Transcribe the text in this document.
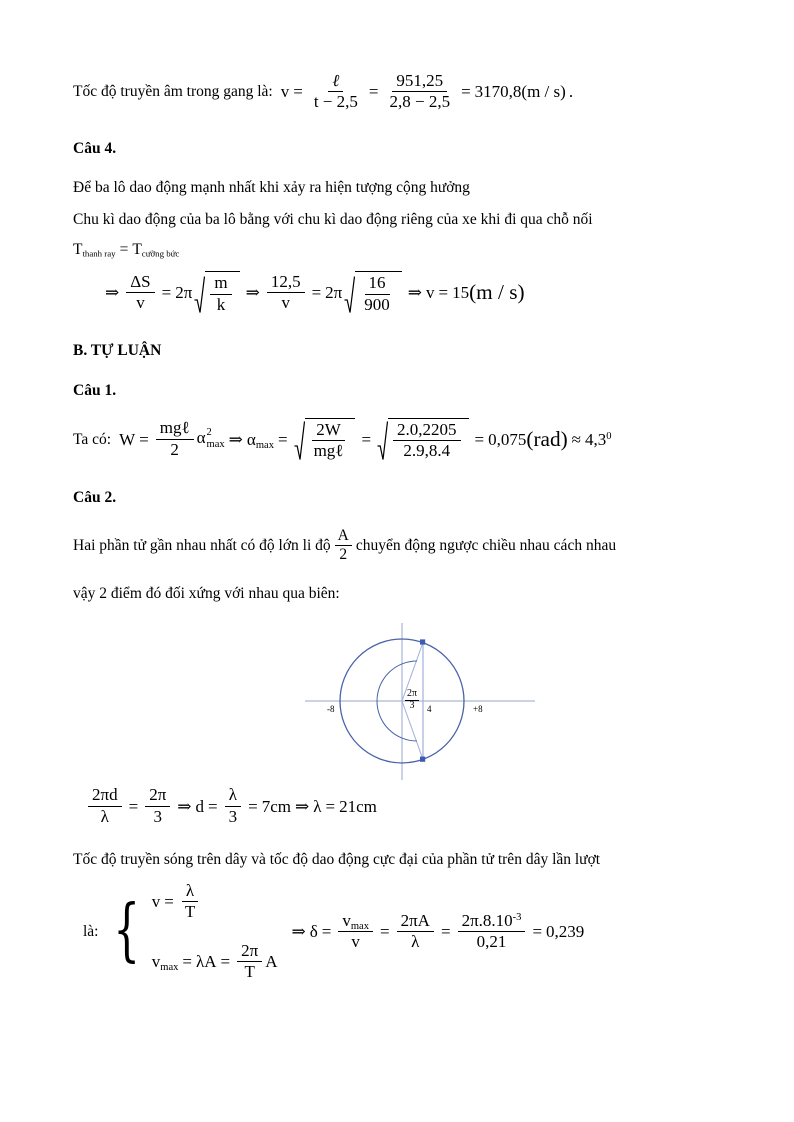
Tốc độ truyền âm trong gang là: $v = \frac{\text{ℓ}}{t - 2,5} = \frac{951,25}{2,8 - 2,5} = 3170,8(m / s)$ .
Câu 4.
Để ba lô dao động mạnh nhất khi xảy ra hiện tượng cộng hưởng
Chu kì dao động của ba lô bằng với chu kì dao động riêng của xe khi đi qua chỗ nối
Tthanh ray = Tcưỡng bức
⇒ $\frac{\Delta S}{v} = 2\pi \frac{m}{k}$ ⇒ $\frac{12,5}{v} = 2\pi \frac{16}{900}$ ⇒ v = 15 (m / s)
B. TỰ LUẬN
Câu 1.
Ta có: $W = \frac{\text{mgℓ}}{2}$ α 2
max ⇒ $\alpha_{max} = \frac{2W}{\text{mgℓ}} = \frac{2.0,2205}{2.9,8.4} = 0,075$ $(rad) \approx 4,3^0$
Câu 2.
Hai phần tử gần nhau nhất có độ lớn li độ $\frac{A}{2}$ chuyển động ngược chiều nhau cách nhau
vậy 2 điểm đó đối xứng với nhau qua biên:
-8	+8
4
$\frac{2\pi}{3}$
$\frac{2\pi d}{\lambda} = \frac{2\pi}{3}$ ⇒ $d = \frac{\lambda}{3} = 7cm$ ⇒ λ = 21cm
Tốc độ truyền sóng trên dây và tốc độ dao động cực đại của phần tử trên dây lần lượt
là: { $v = \frac{\lambda}{T}$
$v_{max} = \lambda A = \frac{2\pi}{T}$ A
⇒ $\delta = \frac{v_{max}}{v} = \frac{2\pi A}{\lambda} = \frac{2\pi.8.10^{-3}}{0,21} = 0,239$
